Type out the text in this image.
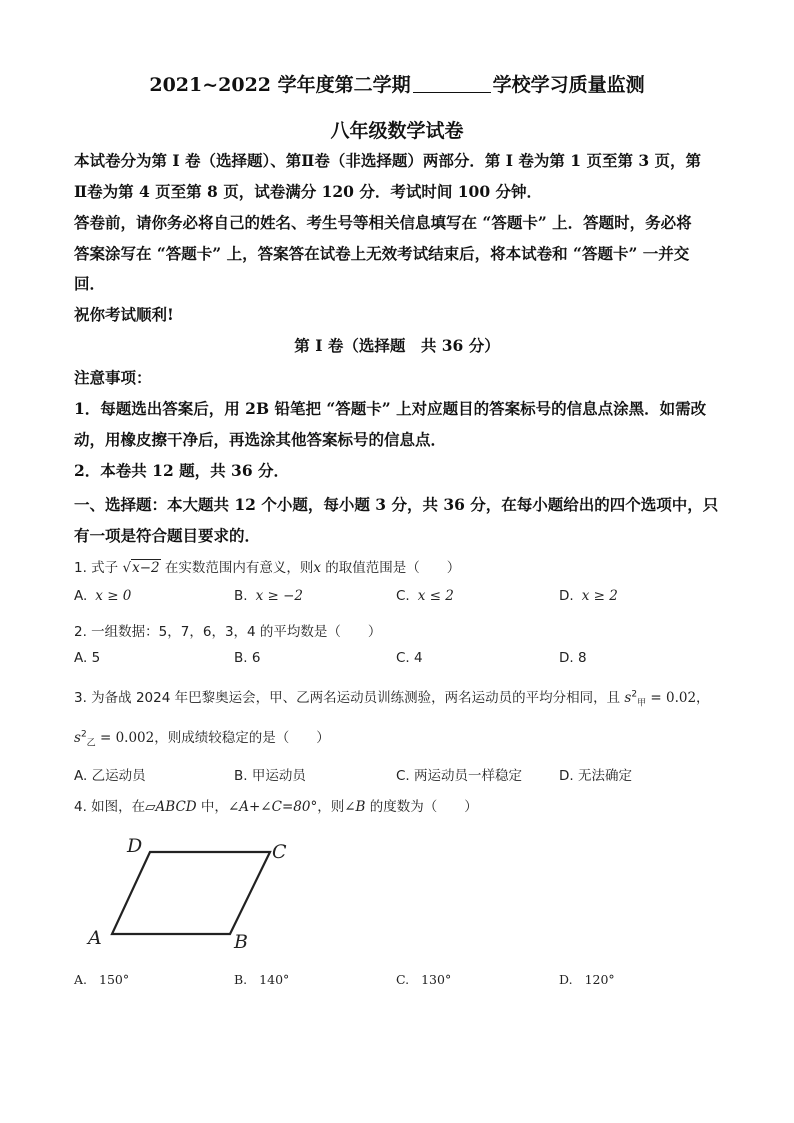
2021~2022 学年度第二学期	学校学习质量监测
八年级数学试卷
本试卷分为第 I 卷（选择题）、第Ⅱ卷（非选择题）两部分．第 I 卷为第 1 页至第 3 页，第
Ⅱ卷为第 4 页至第 8 页，试卷满分 120 分．考试时间 100 分钟．
答卷前，请你务必将自己的姓名、考生号等相关信息填写在 “答题卡” 上．答题时，务必将
答案涂写在 “答题卡” 上，答案答在试卷上无效考试结束后，将本试卷和 “答题卡” 一并交
回．
祝你考试顺利!
第 I 卷（选择题　共 36 分）
注意事项：
1．每题选出答案后，用 2B 铅笔把 “答题卡” 上对应题目的答案标号的信息点涂黑．如需改
动，用橡皮擦干净后，再选涂其他答案标号的信息点．
2．本卷共 12 题，共 36 分．
一、选择题：本大题共 12 个小题，每小题 3 分，共 36 分，在每小题给出的四个选项中，只
有一项是符合题目要求的．
1. 式子 √x−2 在实数范围内有意义，则x 的取值范围是（　　）
A. x ≥ 0	B. x ≥ −2	C. x ≤ 2	D. x ≥ 2
2. 一组数据：5，7，6，3，4 的平均数是（　　）
A. 5	B. 6	C. 4	D. 8
3. 为备战 2024 年巴黎奥运会，甲、乙两名运动员训练测验，两名运动员的平均分相同，且 $s^2_甲 = 0.02$，
$s^2_乙 = 0.002$，则成绩较稳定的是（　　）
A. 乙运动员	B. 甲运动员	C. 两运动员一样稳定	D. 无法确定
4. 如图，在▱ABCD 中，∠A+∠C=80°，则∠B 的度数为（　　）
A	B
C
D
A. 150°	B. 140°	C. 130°	D. 120°
